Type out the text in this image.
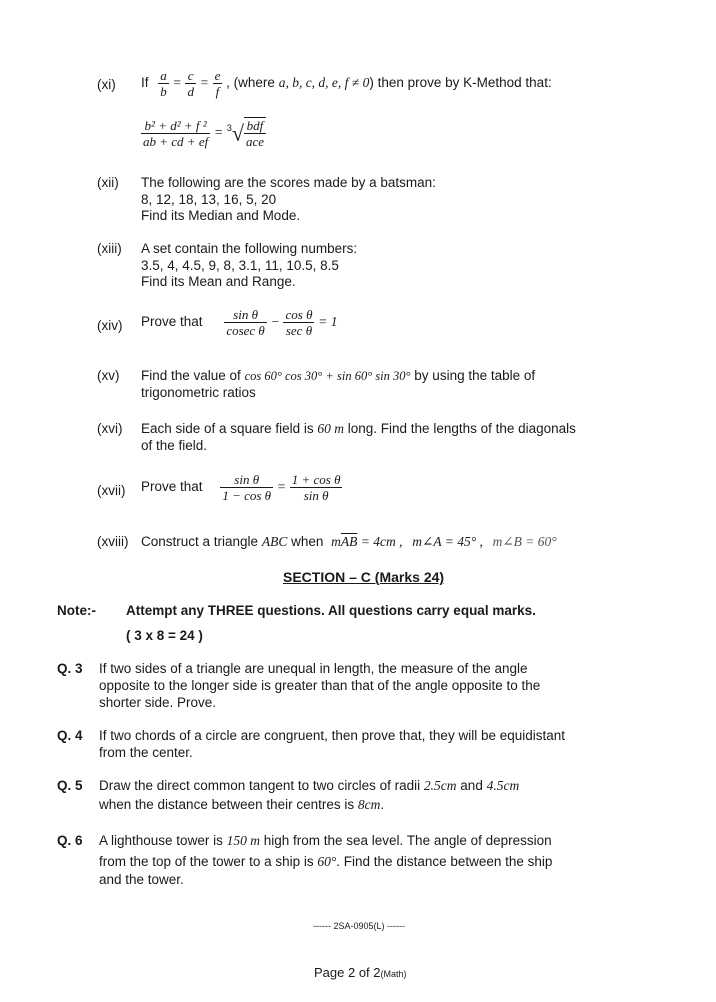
(xi) If $\frac{a}{b} = \frac{c}{d} = \frac{e}{f}$ , (where a, b, c, d, e, f ≠ 0) then prove by K-Method that:
$\frac{\text{b² + d² + f ²}}{ab + cd + ef} = ^3√ \frac{\text{bdf}}{\text{ace}}$
(xii) The following are the scores made by a batsman:
8, 12, 18, 13, 16, 5, 20
Find its Median and Mode.
(xiii) A set contain the following numbers:
3.5, 4, 4.5, 9, 8, 3.1, 11, 10.5, 8.5
Find its Mean and Range.
(xiv) Prove that $\frac{\text{sin θ}}{\text{cosec θ}} - \frac{\text{cos θ}}{\text{sec θ}} = 1$
(xv) Find the value of cos 60° cos 30° + sin 60° sin 30° by using the table of
trigonometric ratios
(xvi) Each side of a square field is 60 m long. Find the lengths of the diagonals
of the field.
(xvii) Prove that $\frac{\text{sin θ}}{\text{1 − cos θ}} = \frac{\text{1 + cos θ}}{\text{sin θ}}$
(xviii) Construct a triangle ABC when $m\overline{AB} = 4cm$ , m∠A = 45° , m∠B = 60°
SECTION – C (Marks 24)
Note:- Attempt any THREE questions. All questions carry equal marks.
( 3 x 8 = 24 )
Q. 3 If two sides of a triangle are unequal in length, the measure of the angle
opposite to the longer side is greater than that of the angle opposite to the
shorter side. Prove.
Q. 4 If two chords of a circle are congruent, then prove that, they will be equidistant
from the center.
Q. 5 Draw the direct common tangent to two circles of radii 2.5cm and 4.5cm
when the distance between their centres is 8cm.
Q. 6 A lighthouse tower is 150 m high from the sea level. The angle of depression
from the top of the tower to a ship is 60°. Find the distance between the ship
and the tower.
------ 2SA-0905(L) ------
Page 2 of 2(Math)
